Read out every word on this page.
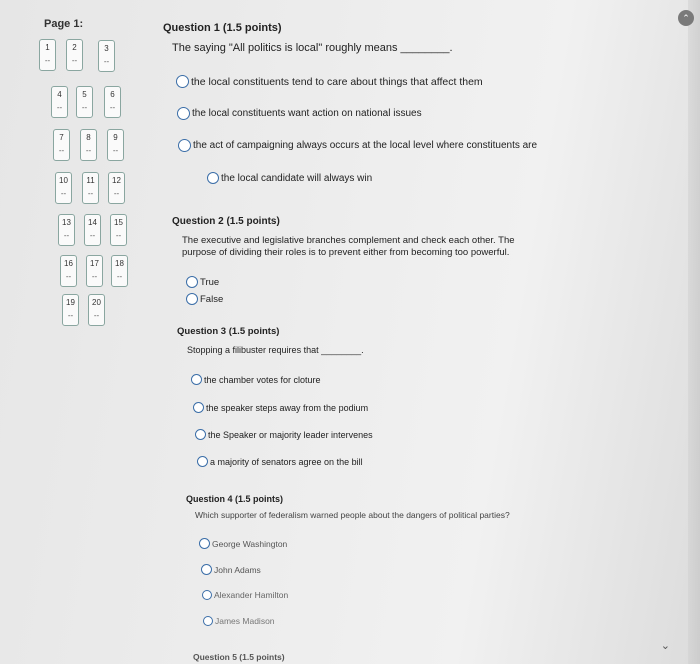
⌃
⌄
Page 1:
1
--
2
--
3
--
4
--
5
--
6
--
7
--
8
--
9
--
10
--
11
--
12
--
13
--
14
--
15
--
16
--
17
--
18
--
19
--
20
--
Question 1 (1.5 points)
The saying "All politics is local" roughly means ________.
the local constituents tend to care about things that affect them
the local constituents want action on national issues
the act of campaigning always occurs at the local level where constituents are
the local candidate will always win
Question 2 (1.5 points)
The executive and legislative branches complement and check each other. The
purpose of dividing their roles is to prevent either from becoming too powerful.
True
False
Question 3 (1.5 points)
Stopping a filibuster requires that ________.
the chamber votes for cloture
the speaker steps away from the podium
the Speaker or majority leader intervenes
a majority of senators agree on the bill
Question 4 (1.5 points)
Which supporter of federalism warned people about the dangers of political parties?
George Washington
John Adams
Alexander Hamilton
James Madison
Question 5 (1.5 points)
